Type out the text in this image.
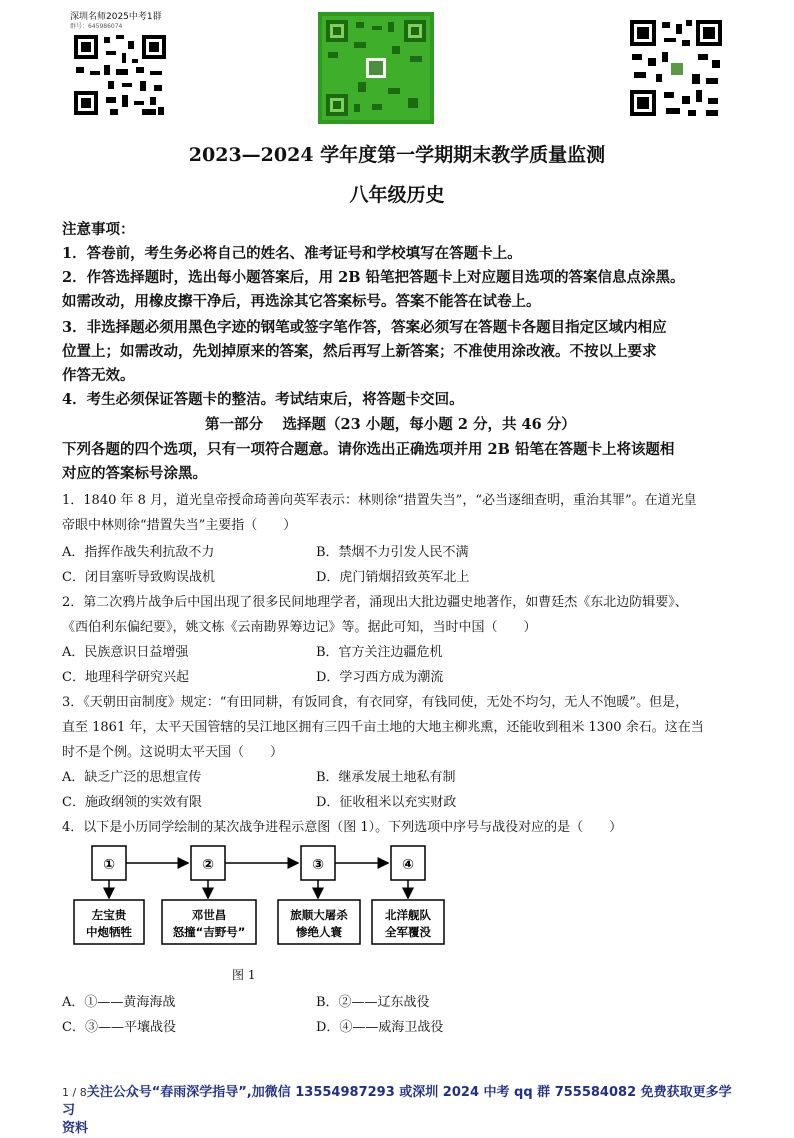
深圳名师2025中考1群
群号：645986074
2023—2024 学年度第一学期期末教学质量监测
八年级历史
注意事项：
1．答卷前，考生务必将自己的姓名、准考证号和学校填写在答题卡上。
2．作答选择题时，选出每小题答案后，用 2B 铅笔把答题卡上对应题目选项的答案信息点涂黑。
如需改动，用橡皮擦干净后，再选涂其它答案标号。答案不能答在试卷上。
3．非选择题必须用黑色字迹的钢笔或签字笔作答，答案必须写在答题卡各题目指定区域内相应
位置上；如需改动，先划掉原来的答案，然后再写上新答案；不准使用涂改液。不按以上要求
作答无效。
4．考生必须保证答题卡的整洁。考试结束后，将答题卡交回。
第一部分　 选择题（23 小题，每小题 2 分，共 46 分）
下列各题的四个选项，只有一项符合题意。请你选出正确选项并用 2B 铅笔在答题卡上将该题相
对应的答案标号涂黑。
1．1840 年 8 月，道光皇帝授命琦善向英军表示：林则徐“措置失当”，“必当逐细查明，重治其罪”。在道光皇
帝眼中林则徐“措置失当”主要指（　　）
A．指挥作战失利抗敌不力	B．禁烟不力引发人民不满
C．闭目塞听导致购误战机	D．虎门销烟招致英军北上
2．第二次鸦片战争后中国出现了很多民间地理学者，涌现出大批边疆史地著作，如曹廷杰《东北边防辑要》、
《西伯利东偏纪要》，姚文栋《云南勘界筹边记》等。据此可知，当时中国（　　）
A．民族意识日益增强	B．官方关注边疆危机
C．地理科学研究兴起	D．学习西方成为潮流
3．《天朝田亩制度》规定：“有田同耕，有饭同食，有衣同穿，有钱同使，无处不均匀，无人不饱暖”。但是，
直至 1861 年，太平天国管辖的吴江地区拥有三四千亩土地的大地主柳兆熏，还能收到租米 1300 余石。这在当
时不是个例。这说明太平天国（　　）
A．缺乏广泛的思想宣传	B．继承发展土地私有制
C．施政纲领的实效有限	D．征收租米以充实财政
4．以下是小历同学绘制的某次战争进程示意图（图 1）。下列选项中序号与战役对应的是（　　）
①
左宝贵
中炮牺牲
②
邓世昌
怒撞“吉野号”
③
旅顺大屠杀
惨绝人寰
④
北洋舰队
全军覆没
图 1
A．①——黄海海战	B．②——辽东战役
C．③——平壤战役	D．④——威海卫战役
1 / 8关注公众号“春雨深学指导”,加微信 13554987293 或深圳 2024 中考 qq 群 755584082 免费获取更多学习
资料
